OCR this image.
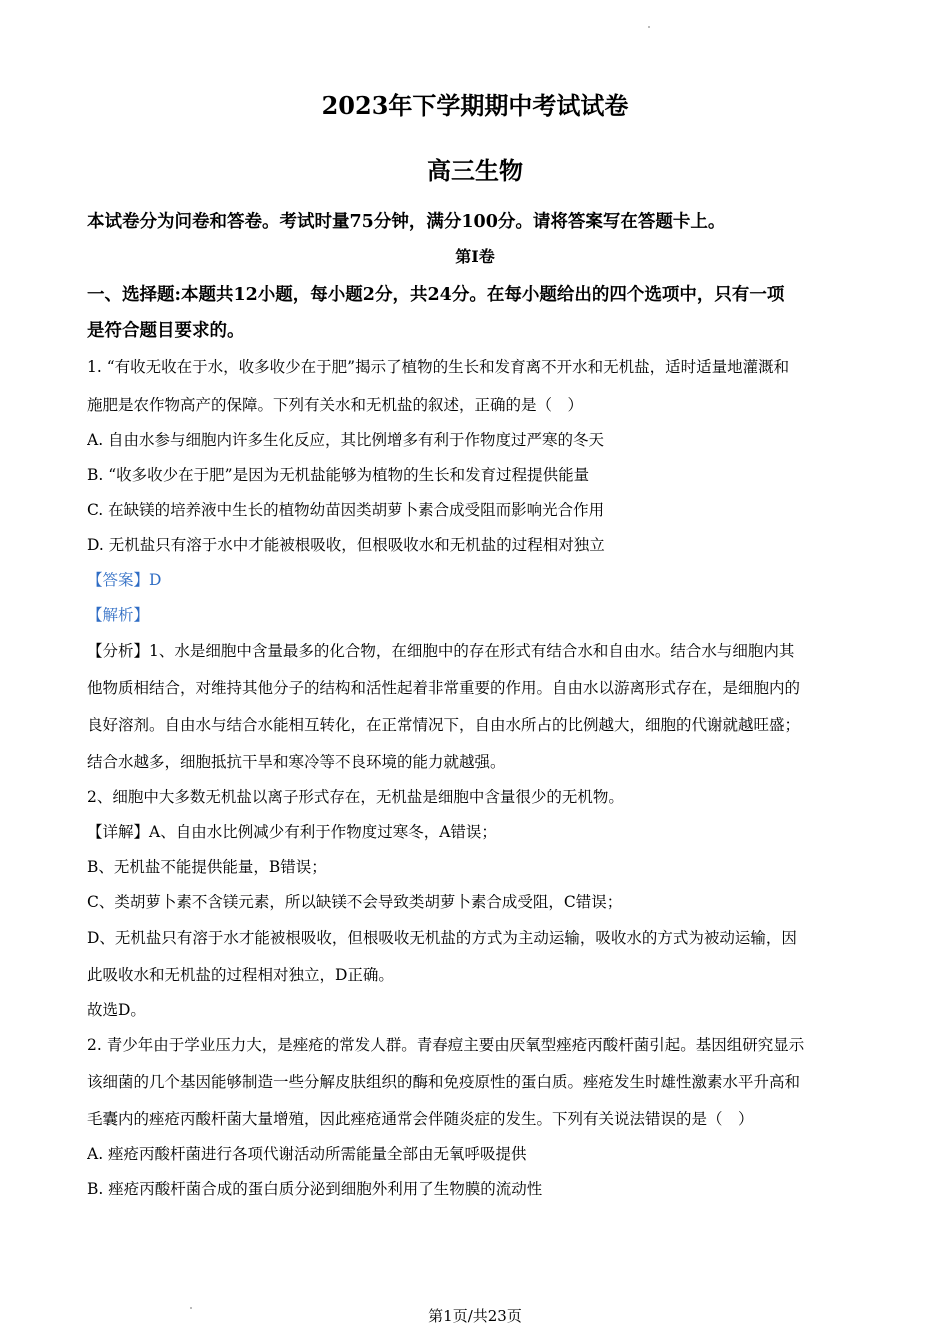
2023年下学期期中考试试卷
高三生物
本试卷分为问卷和答卷。考试时量75分钟，满分100分。请将答案写在答题卡上。
第I卷
一、选择题:本题共12小题，每小题2分，共24分。在每小题给出的四个选项中，只有一项
是符合题目要求的。
1. “有收无收在于水，收多收少在于肥”揭示了植物的生长和发育离不开水和无机盐，适时适量地灌溉和
施肥是农作物高产的保障。下列有关水和无机盐的叙述，正确的是（　）
A. 自由水参与细胞内许多生化反应，其比例增多有利于作物度过严寒的冬天
B. “收多收少在于肥”是因为无机盐能够为植物的生长和发育过程提供能量
C. 在缺镁的培养液中生长的植物幼苗因类胡萝卜素合成受阻而影响光合作用
D. 无机盐只有溶于水中才能被根吸收，但根吸收水和无机盐的过程相对独立
【答案】D
【解析】
【分析】1、水是细胞中含量最多的化合物，在细胞中的存在形式有结合水和自由水。结合水与细胞内其
他物质相结合，对维持其他分子的结构和活性起着非常重要的作用。自由水以游离形式存在，是细胞内的
良好溶剂。自由水与结合水能相互转化，在正常情况下，自由水所占的比例越大，细胞的代谢就越旺盛；
结合水越多，细胞抵抗干旱和寒冷等不良环境的能力就越强。
2、细胞中大多数无机盐以离子形式存在，无机盐是细胞中含量很少的无机物。
【详解】A、自由水比例减少有利于作物度过寒冬，A错误；
B、无机盐不能提供能量，B错误；
C、类胡萝卜素不含镁元素，所以缺镁不会导致类胡萝卜素合成受阻，C错误；
D、无机盐只有溶于水才能被根吸收，但根吸收无机盐的方式为主动运输，吸收水的方式为被动运输，因
此吸收水和无机盐的过程相对独立，D正确。
故选D。
2. 青少年由于学业压力大，是痤疮的常发人群。青春痘主要由厌氧型痤疮丙酸杆菌引起。基因组研究显示
该细菌的几个基因能够制造一些分解皮肤组织的酶和免疫原性的蛋白质。痤疮发生时雄性激素水平升高和
毛囊内的痤疮丙酸杆菌大量增殖，因此痤疮通常会伴随炎症的发生。下列有关说法错误的是（　）
A. 痤疮丙酸杆菌进行各项代谢活动所需能量全部由无氧呼吸提供
B. 痤疮丙酸杆菌合成的蛋白质分泌到细胞外利用了生物膜的流动性
第1页/共23页
